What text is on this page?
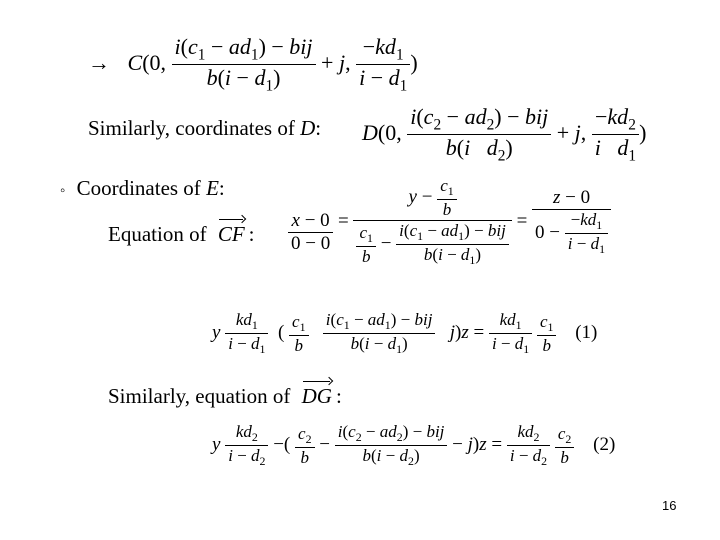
→ C(0, $\frac{i(c_1 - ad_1) - bij}{b(i - d_1)} + j$, $\frac{-kd_1}{i - d_1}$ )
Similarly, coordinates of D: D(0, $\frac{i(c_2 - ad_2) - bij}{b(i d_2)} + j$, $\frac{-kd_2}{i d_1}$ )
◦ Coordinates of E:
Equation of CF : $\frac{x - 0}{0 - 0} = \frac{y - \frac{c_1}{b}}{\frac{c_1}{b} - \frac{i(c_1 - ad_1) - bij}{b(i - d_1)}} = \frac{z - 0}{0 - \frac{-kd_1}{i - d_1}}$
y $\frac{kd_1}{i - d_1}$ ( $\frac{c_1}{b}$
$\frac{i(c_1 - ad_1) - bij}{b(i - d_1)} j)z = \frac{kd_1}{i - d_1}$
$\frac{c_1}{b} (1)$
Similarly, equation of DG :
y $\frac{kd_2}{i - d_2}$ −( $\frac{c_2}{b} - \frac{i(c_2 - ad_2) - bij}{b(i - d_2)} - j)z = \frac{kd_2}{i - d_2}$
$\frac{c_2}{b} (2)$
16
